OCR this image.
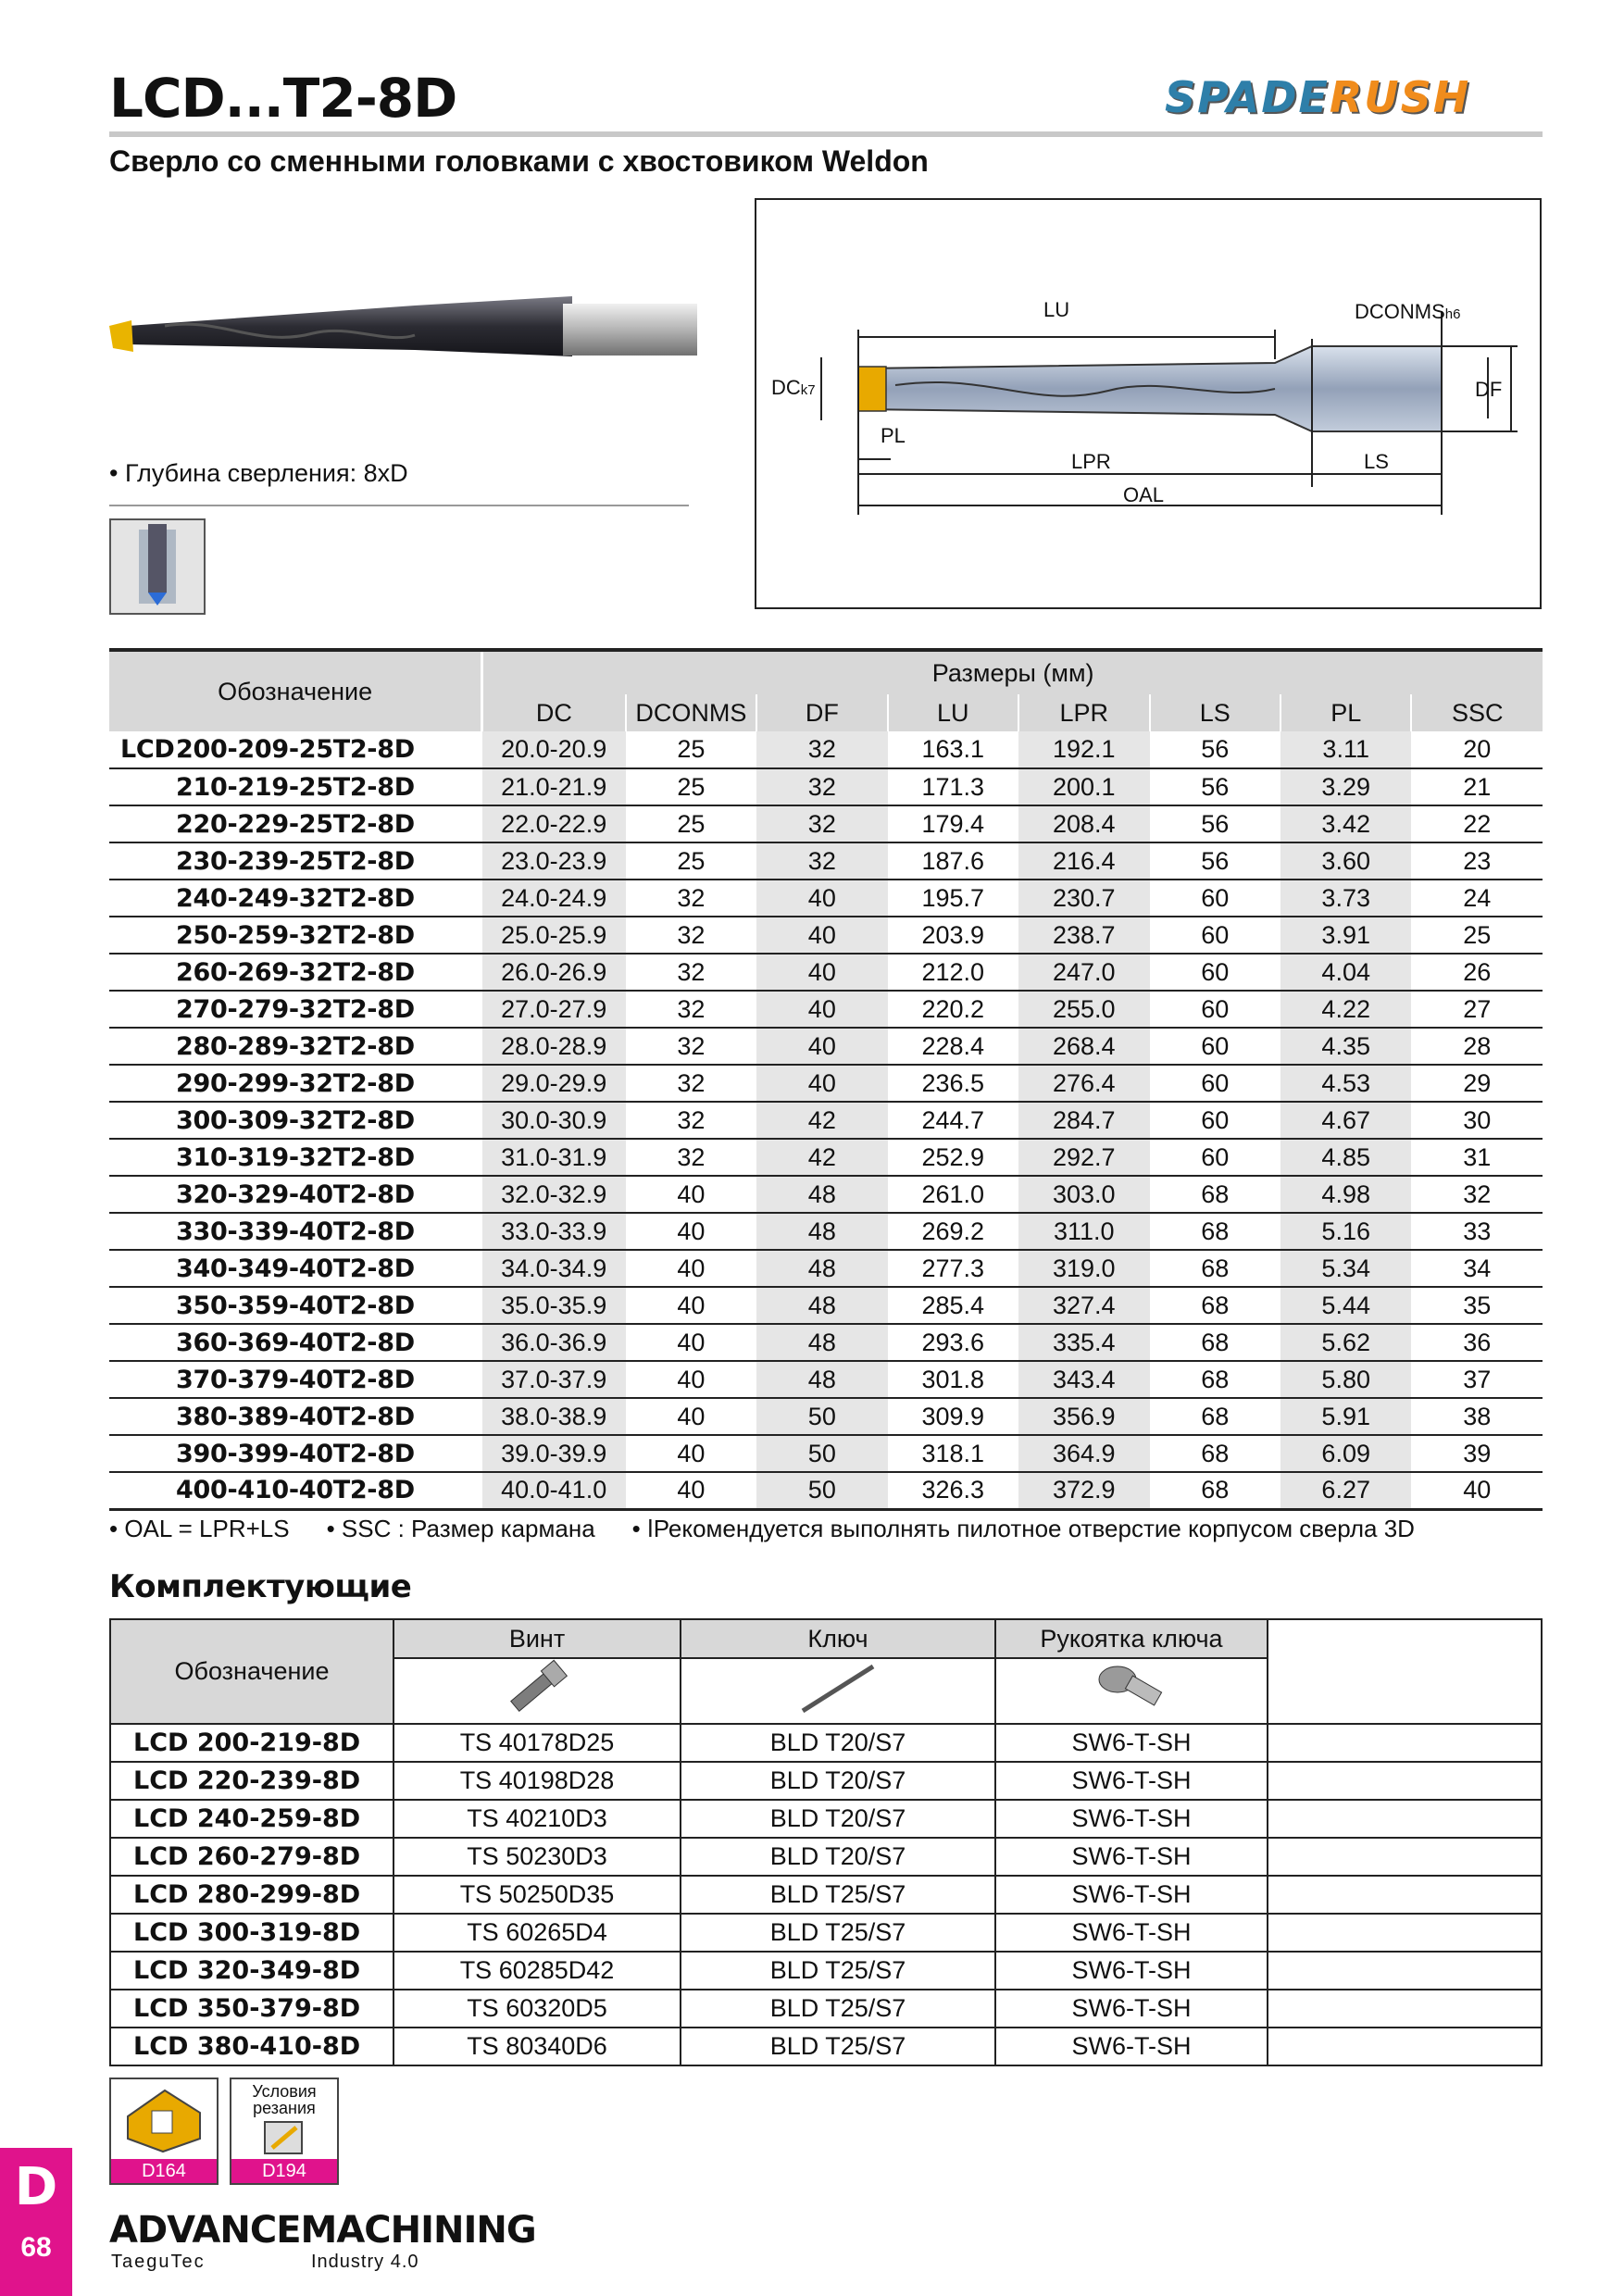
LCD...T2-8D	SPADERUSH
Сверло со сменными головками с хвостовиком Weldon
• Глубина сверления: 8xD
LU	DCONMSh6
DCk7	DF
PL
LPR	LS
OAL
Обозначение	Размеры (мм)							
	DC	DCONMS	DF	LU	LPR	LS	PL	SSC
LCD200-209-25T2-8D	20.0-20.9	25	32	163.1	192.1	56	3.11	20
210-219-25T2-8D	21.0-21.9	25	32	171.3	200.1	56	3.29	21
220-229-25T2-8D	22.0-22.9	25	32	179.4	208.4	56	3.42	22
230-239-25T2-8D	23.0-23.9	25	32	187.6	216.4	56	3.60	23
240-249-32T2-8D	24.0-24.9	32	40	195.7	230.7	60	3.73	24
250-259-32T2-8D	25.0-25.9	32	40	203.9	238.7	60	3.91	25
260-269-32T2-8D	26.0-26.9	32	40	212.0	247.0	60	4.04	26
270-279-32T2-8D	27.0-27.9	32	40	220.2	255.0	60	4.22	27
280-289-32T2-8D	28.0-28.9	32	40	228.4	268.4	60	4.35	28
290-299-32T2-8D	29.0-29.9	32	40	236.5	276.4	60	4.53	29
300-309-32T2-8D	30.0-30.9	32	42	244.7	284.7	60	4.67	30
310-319-32T2-8D	31.0-31.9	32	42	252.9	292.7	60	4.85	31
320-329-40T2-8D	32.0-32.9	40	48	261.0	303.0	68	4.98	32
330-339-40T2-8D	33.0-33.9	40	48	269.2	311.0	68	5.16	33
340-349-40T2-8D	34.0-34.9	40	48	277.3	319.0	68	5.34	34
350-359-40T2-8D	35.0-35.9	40	48	285.4	327.4	68	5.44	35
360-369-40T2-8D	36.0-36.9	40	48	293.6	335.4	68	5.62	36
370-379-40T2-8D	37.0-37.9	40	48	301.8	343.4	68	5.80	37
380-389-40T2-8D	38.0-38.9	40	50	309.9	356.9	68	5.91	38
390-399-40T2-8D	39.0-39.9	40	50	318.1	364.9	68	6.09	39
400-410-40T2-8D	40.0-41.0	40	50	326.3	372.9	68	6.27	40
• OAL = LPR+LS • SSC : Размер кармана • ǀРекомендуется выполнять пилотное отверстие корпусом сверла 3D
Комплектующие
Обозначение	Винт	Ключ	Рукоятка ключа	

LCD 200-219-8D	TS 40178D25	BLD T20/S7	SW6-T-SH	
LCD 220-239-8D	TS 40198D28	BLD T20/S7	SW6-T-SH	
LCD 240-259-8D	TS 40210D3	BLD T20/S7	SW6-T-SH	
LCD 260-279-8D	TS 50230D3	BLD T20/S7	SW6-T-SH	
LCD 280-299-8D	TS 50250D35	BLD T25/S7	SW6-T-SH	
LCD 300-319-8D	TS 60265D4	BLD T25/S7	SW6-T-SH	
LCD 320-349-8D	TS 60285D42	BLD T25/S7	SW6-T-SH	
LCD 350-379-8D	TS 60320D5	BLD T25/S7	SW6-T-SH	
LCD 380-410-8D	TS 80340D6	BLD T25/S7	SW6-T-SH	
D164
Условия резания
D194
D
68	ADVANCEMACHINING
TaeguTec	Industry 4.0
